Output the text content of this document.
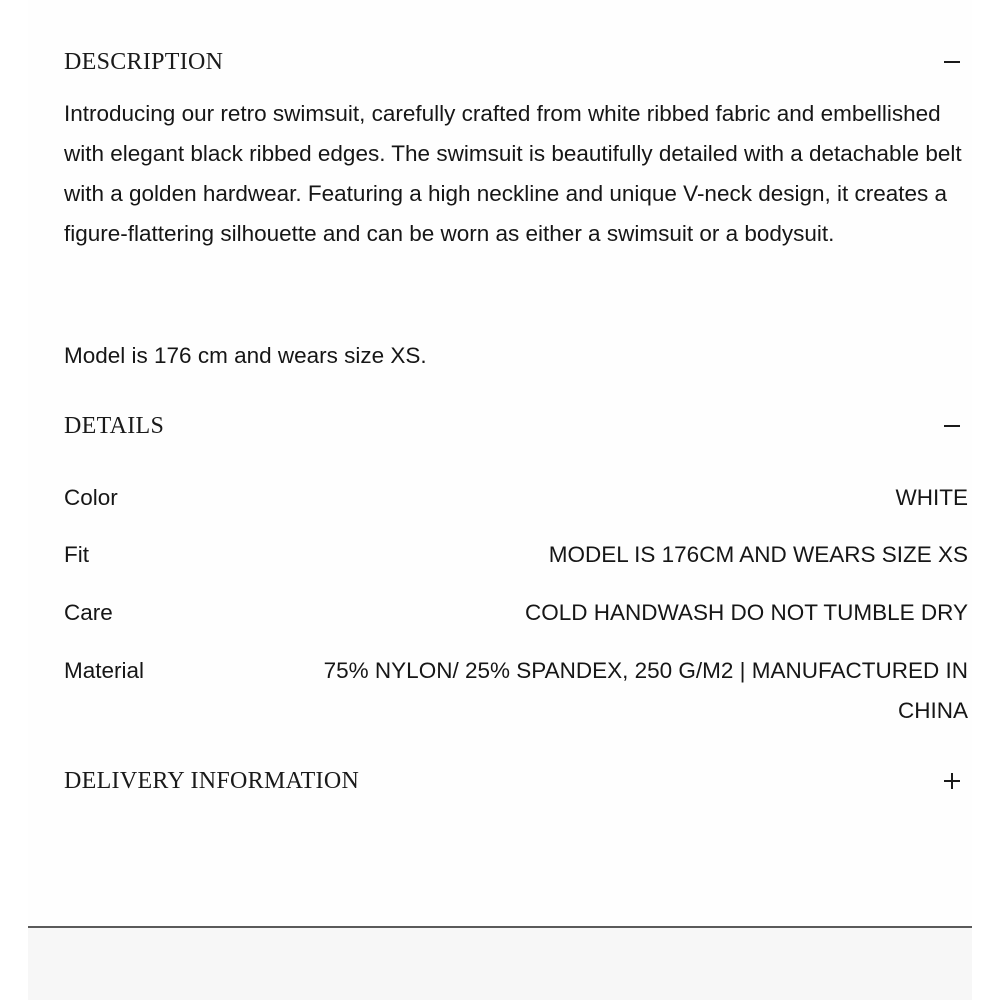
DESCRIPTION

Introducing our retro swimsuit, carefully crafted from white ribbed fabric and embellished with elegant black ribbed edges. The swimsuit is beautifully detailed with a detachable belt with a golden hardwear. Featuring a high neckline and unique V-neck design, it creates a figure-flattering silhouette and can be worn as either a swimsuit or a bodysuit.

Model is 176 cm and wears size XS.

DETAILS
Color	WHITE
Fit	MODEL IS 176CM AND WEARS SIZE XS
Care	COLD HANDWASH DO NOT TUMBLE DRY
Material	75% NYLON/ 25% SPANDEX, 250 G/M2 | MANUFACTURED IN CHINA
DELIVERY INFORMATION
